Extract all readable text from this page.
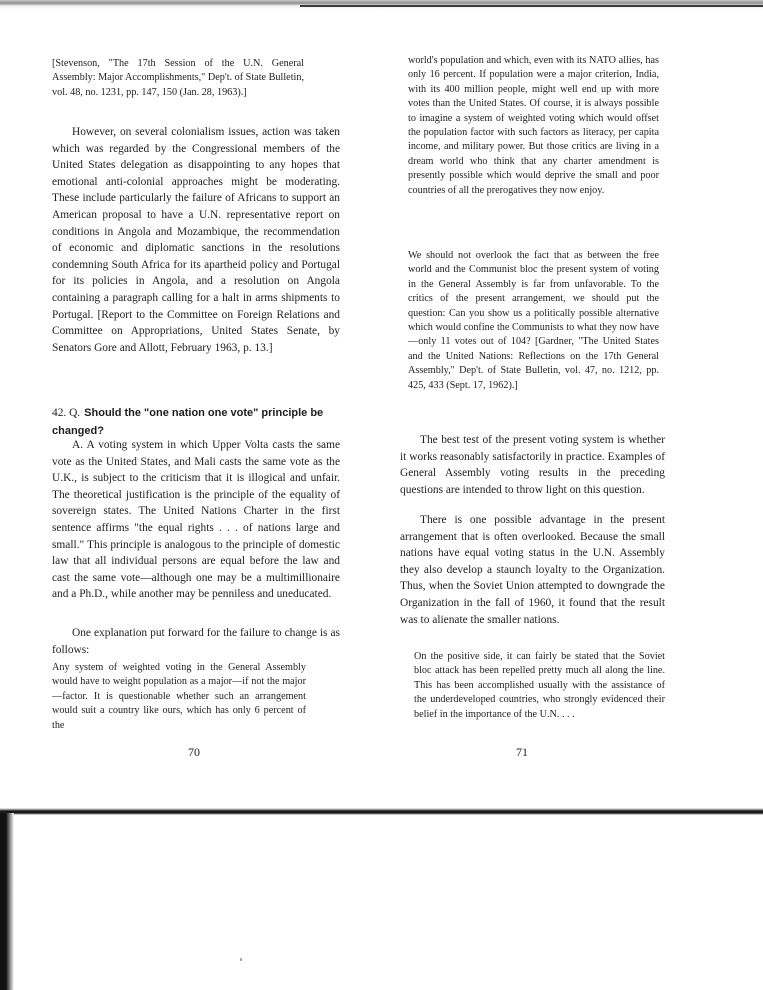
[Stevenson, "The 17th Session of the U.N. General Assembly: Major Accomplishments," Dep't. of State Bulletin, vol. 48, no. 1231, pp. 147, 150 (Jan. 28, 1963).]

However, on several colonialism issues, action was taken which was regarded by the Congressional members of the United States delegation as disappointing to any hopes that emotional anti-colonial approaches might be moderating. These include particularly the failure of Africans to support an American proposal to have a U.N. representative report on conditions in Angola and Mozambique, the recommendation of economic and diplomatic sanctions in the resolutions condemning South Africa for its apartheid policy and Portugal for its policies in Angola, and a resolution on Angola containing a paragraph calling for a halt in arms shipments to Portugal. [Report to the Committee on Foreign Relations and Committee on Appropriations, United States Senate, by Senators Gore and Allott, February 1963, p. 13.]

42. Q. Should the "one nation one vote" principle be changed?

A. A voting system in which Upper Volta casts the same vote as the United States, and Mali casts the same vote as the U.K., is subject to the criticism that it is illogical and unfair. The theoretical justification is the principle of the equality of sovereign states. The United Nations Charter in the first sentence affirms "the equal rights . . . of nations large and small." This principle is analogous to the principle of domestic law that all individual persons are equal before the law and cast the same vote—although one may be a multimillionaire and a Ph.D., while another may be penniless and uneducated.

One explanation put forward for the failure to change is as follows:

Any system of weighted voting in the General Assembly would have to weight population as a major—if not the major—factor. It is questionable whether such an arrangement would suit a country like ours, which has only 6 percent of the

70

world's population and which, even with its NATO allies, has only 16 percent. If population were a major criterion, India, with its 400 million people, might well end up with more votes than the United States. Of course, it is always possible to imagine a system of weighted voting which would offset the population factor with such factors as literacy, per capita income, and military power. But those critics are living in a dream world who think that any charter amendment is presently possible which would deprive the small and poor countries of all the prerogatives they now enjoy.

We should not overlook the fact that as between the free world and the Communist bloc the present system of voting in the General Assembly is far from unfavorable. To the critics of the present arrangement, we should put the question: Can you show us a politically possible alternative which would confine the Communists to what they now have—only 11 votes out of 104? [Gardner, "The United States and the United Nations: Reflections on the 17th General Assembly," Dep't. of State Bulletin, vol. 47, no. 1212, pp. 425, 433 (Sept. 17, 1962).]

The best test of the present voting system is whether it works reasonably satisfactorily in practice. Examples of General Assembly voting results in the preceding questions are intended to throw light on this question.

There is one possible advantage in the present arrangement that is often overlooked. Because the small nations have equal voting status in the U.N. Assembly they also develop a staunch loyalty to the Organization. Thus, when the Soviet Union attempted to downgrade the Organization in the fall of 1960, it found that the result was to alienate the smaller nations.

On the positive side, it can fairly be stated that the Soviet bloc attack has been repelled pretty much all along the line. This has been accomplished usually with the assistance of the underdeveloped countries, who strongly evidenced their belief in the importance of the U.N. . . .

71
